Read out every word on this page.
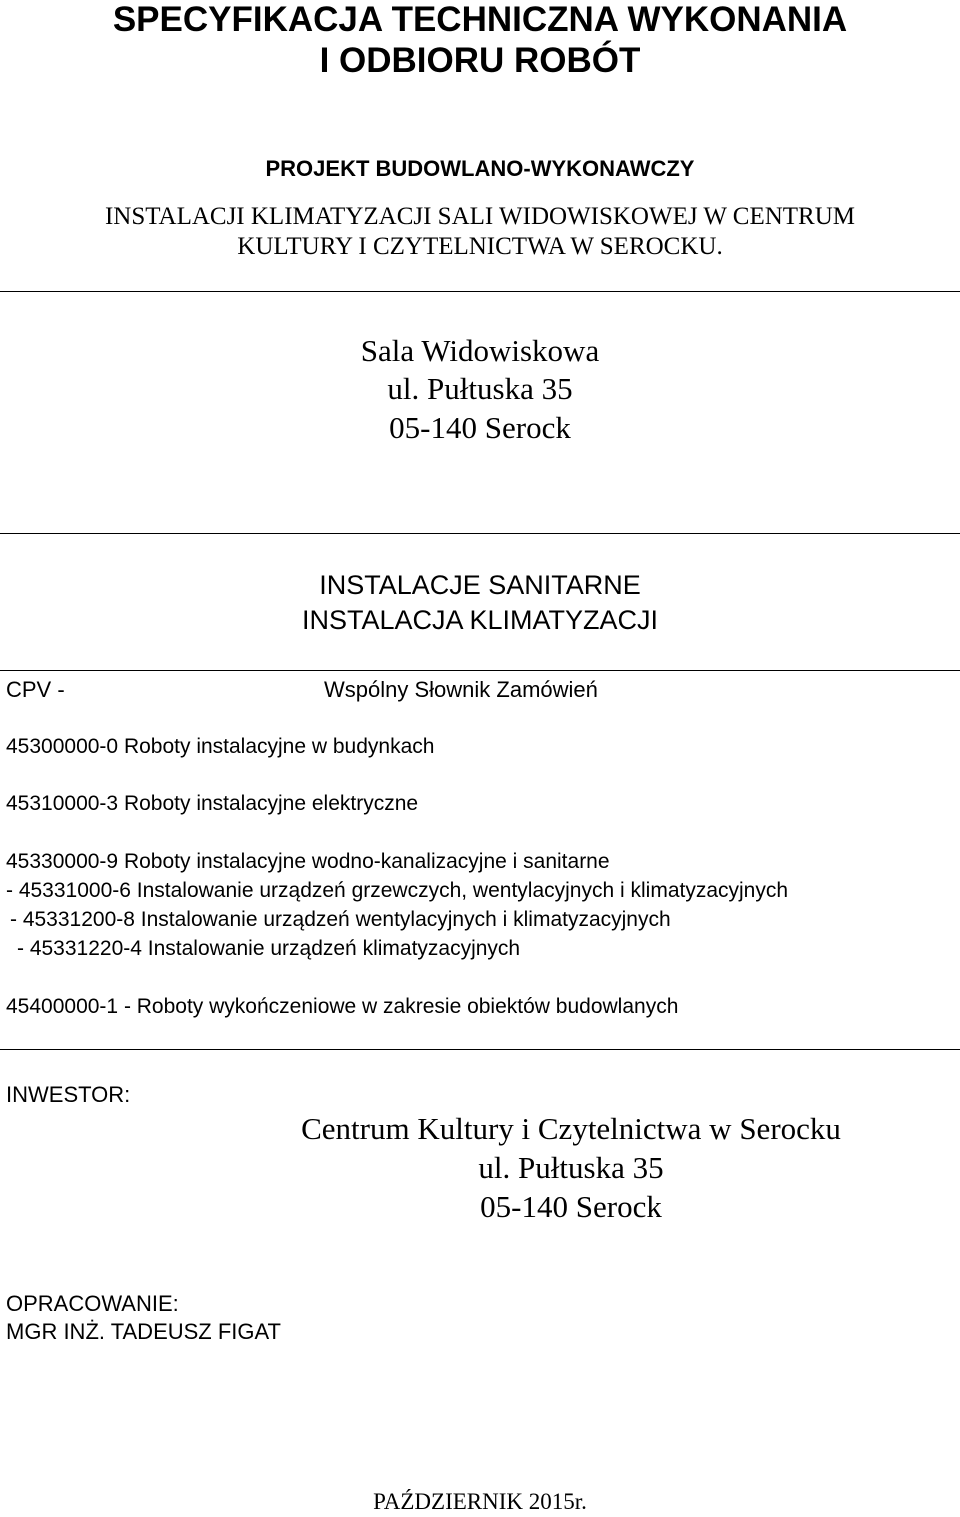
SPECYFIKACJA TECHNICZNA WYKONANIA
I ODBIORU ROBÓT
PROJEKT BUDOWLANO-WYKONAWCZY
INSTALACJI KLIMATYZACJI SALI WIDOWISKOWEJ W CENTRUM
KULTURY I CZYTELNICTWA W SEROCKU.
Sala Widowiskowa
ul. Pułtuska 35
05-140 Serock
INSTALACJE SANITARNE
INSTALACJA KLIMATYZACJI
CPV -	Wspólny Słownik Zamówień
45300000-0 Roboty instalacyjne w budynkach
45310000-3 Roboty instalacyjne elektryczne
45330000-9 Roboty instalacyjne wodno-kanalizacyjne i sanitarne
- 45331000-6 Instalowanie urządzeń grzewczych, wentylacyjnych i klimatyzacyjnych
- 45331200-8 Instalowanie urządzeń wentylacyjnych i klimatyzacyjnych
- 45331220-4 Instalowanie urządzeń klimatyzacyjnych
45400000-1 - Roboty wykończeniowe w zakresie obiektów budowlanych
INWESTOR:
Centrum Kultury i Czytelnictwa w Serocku
ul. Pułtuska 35
05-140 Serock
OPRACOWANIE:
MGR INŻ. TADEUSZ FIGAT
PAŹDZIERNIK 2015r.
